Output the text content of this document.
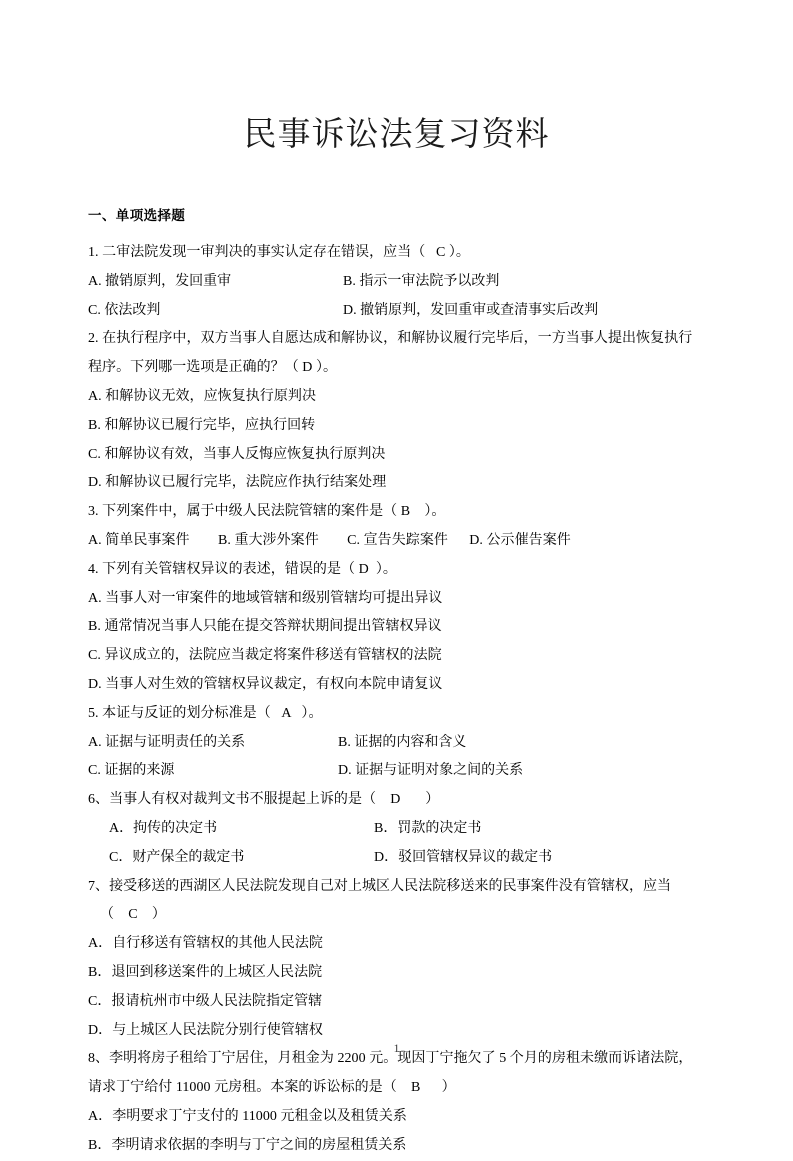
民事诉讼法复习资料
一、单项选择题
1. 二审法院发现一审判决的事实认定存在错误，应当（   C ）。
A. 撤销原判，发回重审	B. 指示一审法院予以改判
C. 依法改判	D. 撤销原判，发回重审或查清事实后改判
2. 在执行程序中，双方当事人自愿达成和解协议，和解协议履行完毕后，一方当事人提出恢复执行程序。下列哪一选项是正确的？（ D ）。
A. 和解协议无效，应恢复执行原判决
B. 和解协议已履行完毕，应执行回转
C. 和解协议有效，当事人反悔应恢复执行原判决
D. 和解协议已履行完毕，法院应作执行结案处理
3. 下列案件中，属于中级人民法院管辖的案件是（ B    ）。
A. 简单民事案件        B. 重大涉外案件        C. 宣告失踪案件      D. 公示催告案件
4. 下列有关管辖权异议的表述，错误的是（ D  ）。
A. 当事人对一审案件的地域管辖和级别管辖均可提出异议
B. 通常情况当事人只能在提交答辩状期间提出管辖权异议
C. 异议成立的，法院应当裁定将案件移送有管辖权的法院
D. 当事人对生效的管辖权异议裁定，有权向本院申请复议
5. 本证与反证的划分标准是（   A   ）。
A. 证据与证明责任的关系	B. 证据的内容和含义
C. 证据的来源	D. 证据与证明对象之间的关系
6、当事人有权对裁判文书不服提起上诉的是（    D       ）
A．拘传的决定书	B．罚款的决定书
C．财产保全的裁定书	D．驳回管辖权异议的裁定书
7、接受移送的西湖区人民法院发现自己对上城区人民法院移送来的民事案件没有管辖权，应当
（    C    ）
A．自行移送有管辖权的其他人民法院
B．退回到移送案件的上城区人民法院
C．报请杭州市中级人民法院指定管辖
D．与上城区人民法院分别行使管辖权
8、李明将房子租给丁宁居住，月租金为 2200 元。现因丁宁拖欠了 5 个月的房租未缴而诉诸法院，
请求丁宁给付 11000 元房租。本案的诉讼标的是（    B      ）
A．李明要求丁宁支付的 11000 元租金以及租赁关系
B．李明请求依据的李明与丁宁之间的房屋租赁关系
1
